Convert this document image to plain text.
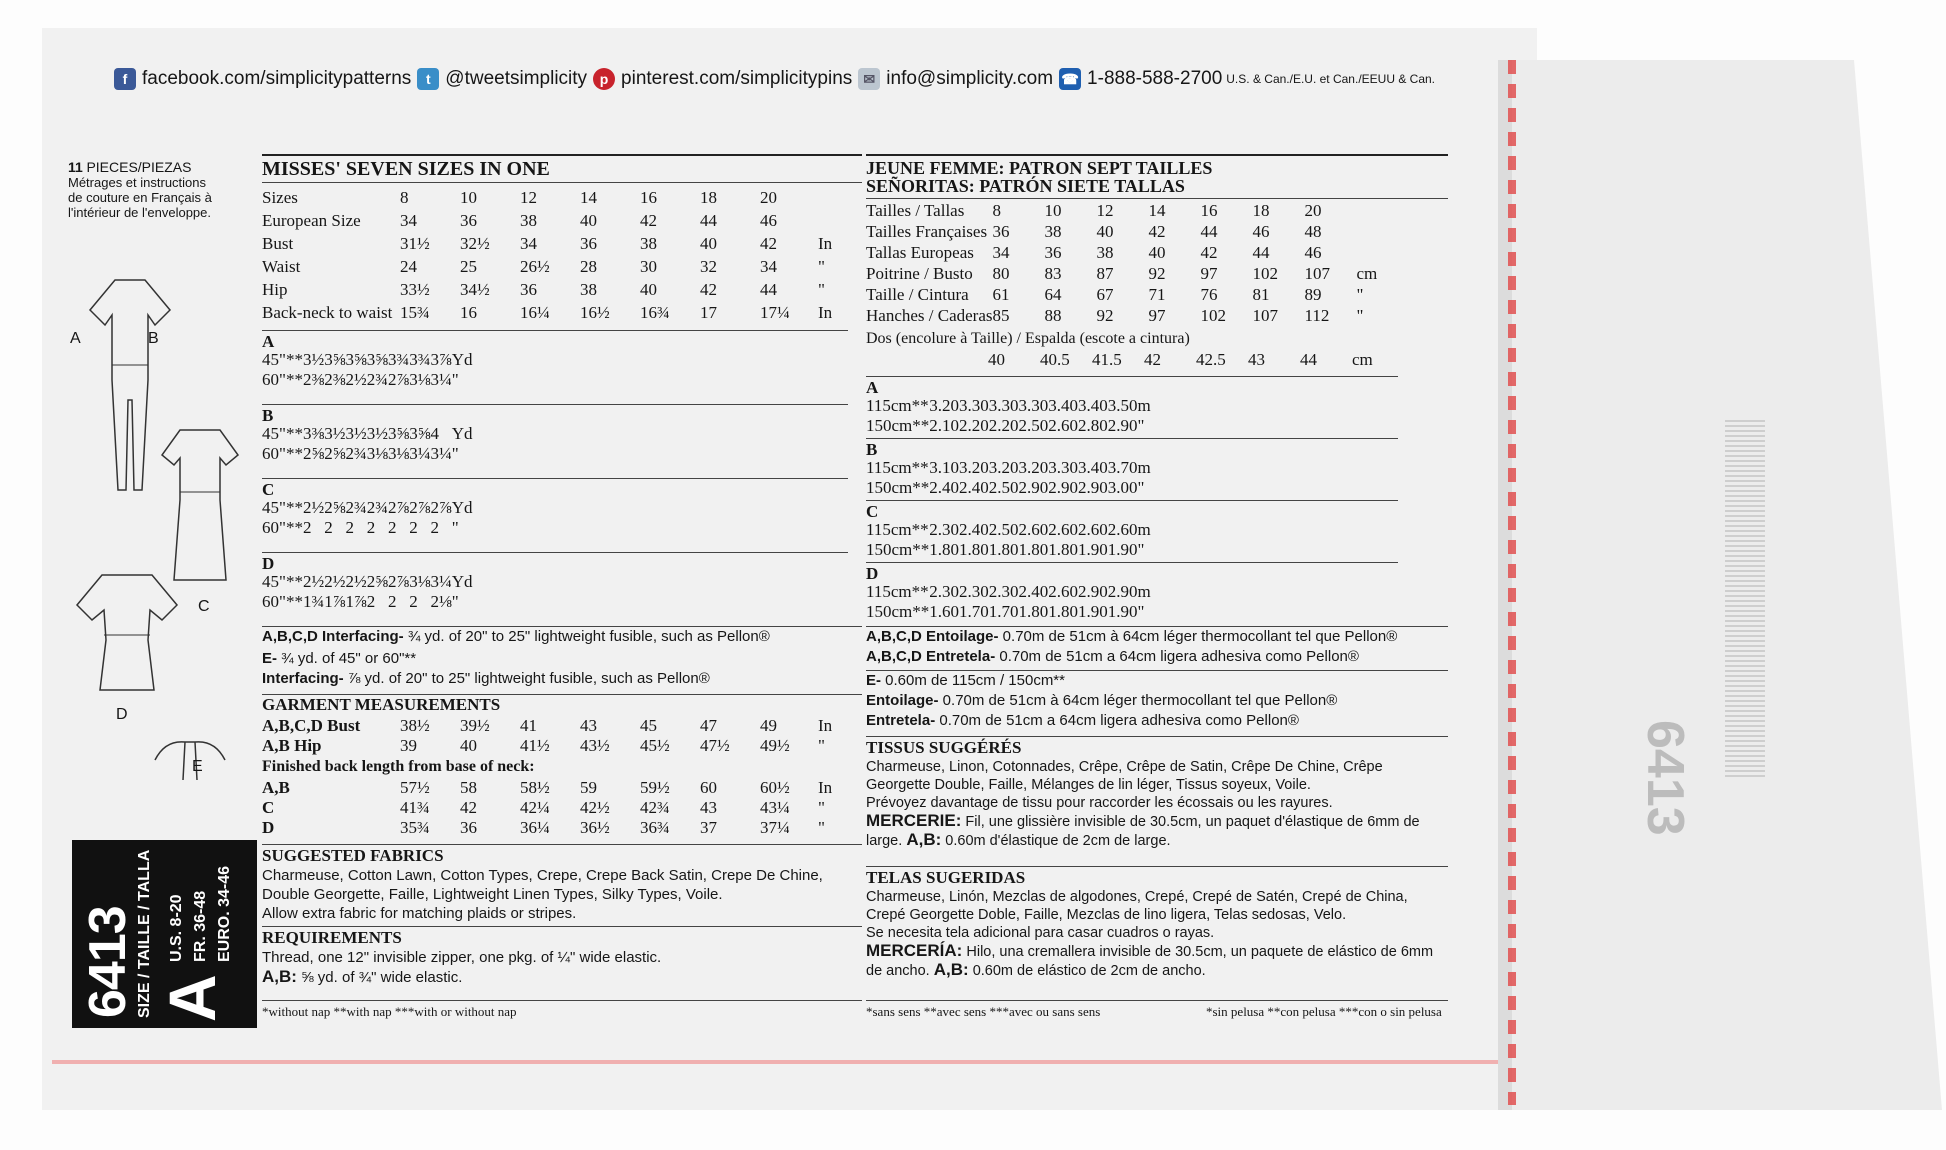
6413
f facebook.com/simplicitypatterns	t @tweetsimplicity p pinterest.com/simplicitypins ✉ info@simplicity.com ☎ 1-888-588-2700 U.S. & Can./E.U. et Can./EEUU & Can.
11 PIECES/PIEZAS
Métrages et instructions
de couture en Français à
l'intérieur de l'enveloppe.
A	B
C
D
E
6413 SIZE / TAILLE / TALLA A
U.S. 8-20 FR. 36-48 EURO. 34-46
MISSES' SEVEN SIZES IN ONE
Sizes	8	10	12	14	16	18	20	
European Size	34	36	38	40	42	44	46	
Bust	31½	32½	34	36	38	40	42	In
Waist	24	25	26½	28	30	32	34	"
Hip	33½	34½	36	38	40	42	44	"
Back-neck to waist	15¾	16	16¼	16½	16¾	17	17¼	In
A
45"**	3½	3⅝	3⅝	3⅝	3¾	3¾	3⅞	Yd
60"**	2⅜	2⅜	2½	2¾	2⅞	3⅛	3¼	"
B
45"**	3⅜	3½	3½	3½	3⅝	3⅝	4	Yd
60"**	2⅝	2⅝	2¾	3⅛	3⅛	3¼	3¼	"
C
45"**	2½	2⅝	2¾	2¾	2⅞	2⅞	2⅞	Yd
60"**	2	2	2	2	2	2	2	"
D
45"**	2½	2½	2½	2⅝	2⅞	3⅛	3¼	Yd
60"**	1¾	1⅞	1⅞	2	2	2	2⅛	"
A,B,C,D Interfacing- ¾ yd. of 20" to 25" lightweight fusible, such as Pellon®
E- ¾ yd. of 45" or 60"**
Interfacing- ⅞ yd. of 20" to 25" lightweight fusible, such as Pellon®
GARMENT MEASUREMENTS
A,B,C,D Bust	38½	39½	41	43	45	47	49	In
A,B Hip	39	40	41½	43½	45½	47½	49½	"
Finished back length from base of neck:
A,B	57½	58	58½	59	59½	60	60½	In
C	41¾	42	42¼	42½	42¾	43	43¼	"
D	35¾	36	36¼	36½	36¾	37	37¼	"
SUGGESTED FABRICS
Charmeuse, Cotton Lawn, Cotton Types, Crepe, Crepe Back Satin, Crepe De Chine, Double Georgette, Faille, Lightweight Linen Types, Silky Types, Voile.
Allow extra fabric for matching plaids or stripes.
REQUIREMENTS
Thread, one 12" invisible zipper, one pkg. of ¼" wide elastic.
A,B: ⅝ yd. of ¾" wide elastic.
*without nap **with nap ***with or without nap
JEUNE FEMME: PATRON SEPT TAILLES
SEÑORITAS: PATRÓN SIETE TALLAS
Tailles / Tallas	8	10	12	14	16	18	20	
Tailles Françaises	36	38	40	42	44	46	48	
Tallas Europeas	34	36	38	40	42	44	46	
Poitrine / Busto	80	83	87	92	97	102	107	cm
Taille / Cintura	61	64	67	71	76	81	89	"
Hanches / Caderas	85	88	92	97	102	107	112	"
Dos (encolure à Taille) / Espalda (escote a cintura)
	40	40.5	41.5	42	42.5	43	44	cm
A
115cm**	3.20	3.30	3.30	3.30	3.40	3.40	3.50	m
150cm**	2.10	2.20	2.20	2.50	2.60	2.80	2.90	"
B
115cm**	3.10	3.20	3.20	3.20	3.30	3.40	3.70	m
150cm**	2.40	2.40	2.50	2.90	2.90	2.90	3.00	"
C
115cm**	2.30	2.40	2.50	2.60	2.60	2.60	2.60	m
150cm**	1.80	1.80	1.80	1.80	1.80	1.90	1.90	"
D
115cm**	2.30	2.30	2.30	2.40	2.60	2.90	2.90	m
150cm**	1.60	1.70	1.70	1.80	1.80	1.90	1.90	"
A,B,C,D Entoilage- 0.70m de 51cm à 64cm léger thermocollant tel que Pellon®
A,B,C,D Entretela- 0.70m de 51cm a 64cm ligera adhesiva como Pellon®
E- 0.60m de 115cm / 150cm**
Entoilage- 0.70m de 51cm à 64cm léger thermocollant tel que Pellon®
Entretela- 0.70m de 51cm a 64cm ligera adhesiva como Pellon®
TISSUS SUGGÉRÉS
Charmeuse, Linon, Cotonnades, Crêpe, Crêpe de Satin, Crêpe De Chine, Crêpe Georgette Double, Faille, Mélanges de lin léger, Tissus soyeux, Voile.
Prévoyez davantage de tissu pour raccorder les écossais ou les rayures.
MERCERIE: Fil, une glissière invisible de 30.5cm, un paquet d'élastique de 6mm de large. A,B: 0.60m d'élastique de 2cm de large.
TELAS SUGERIDAS
Charmeuse, Linón, Mezclas de algodones, Crepé, Crepé de Satén, Crepé de China, Crepé Georgette Doble, Faille, Mezclas de lino ligera, Telas sedosas, Velo.
Se necesita tela adicional para casar cuadros o rayas.
MERCERÍA: Hilo, una cremallera invisible de 30.5cm, un paquete de elástico de 6mm de ancho. A,B: 0.60m de elástico de 2cm de ancho.
*sans sens **avec sens ***avec ou sans sens	*sin pelusa **con pelusa ***con o sin pelusa
